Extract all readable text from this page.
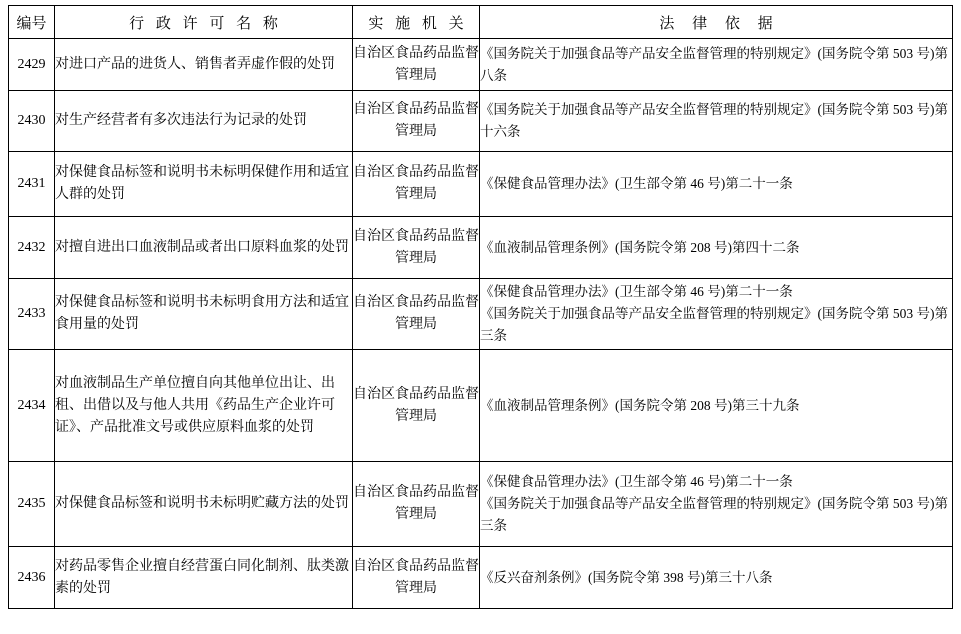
编号	行 政 许 可 名 称	实 施 机 关	法 律 依 据
2429	对进口产品的进货人、销售者弄虚作假的处罚	自治区食品药品监督管理局	《国务院关于加强食品等产品安全监督管理的特别规定》(国务院令第 503 号)第八条

2430	对生产经营者有多次违法行为记录的处罚	自治区食品药品监督管理局	《国务院关于加强食品等产品安全监督管理的特别规定》(国务院令第 503 号)第十六条

2431	对保健食品标签和说明书未标明保健作用和适宜人群的处罚	自治区食品药品监督管理局	《保健食品管理办法》(卫生部令第 46 号)第二十一条

2432	对擅自进出口血液制品或者出口原料血浆的处罚	自治区食品药品监督管理局	《血液制品管理条例》(国务院令第 208 号)第四十二条

2433	对保健食品标签和说明书未标明食用方法和适宜食用量的处罚	自治区食品药品监督管理局	《保健食品管理办法》(卫生部令第 46 号)第二十一条
《国务院关于加强食品等产品安全监督管理的特别规定》(国务院令第 503 号)第三条

2434	对血液制品生产单位擅自向其他单位出让、出租、出借以及与他人共用《药品生产企业许可证》、产品批准文号或供应原料血浆的处罚	自治区食品药品监督管理局	《血液制品管理条例》(国务院令第 208 号)第三十九条

2435	对保健食品标签和说明书未标明贮藏方法的处罚	自治区食品药品监督管理局	《保健食品管理办法》(卫生部令第 46 号)第二十一条
《国务院关于加强食品等产品安全监督管理的特别规定》(国务院令第 503 号)第三条

2436	对药品零售企业擅自经营蛋白同化制剂、肽类激素的处罚	自治区食品药品监督管理局	《反兴奋剂条例》(国务院令第 398 号)第三十八条
